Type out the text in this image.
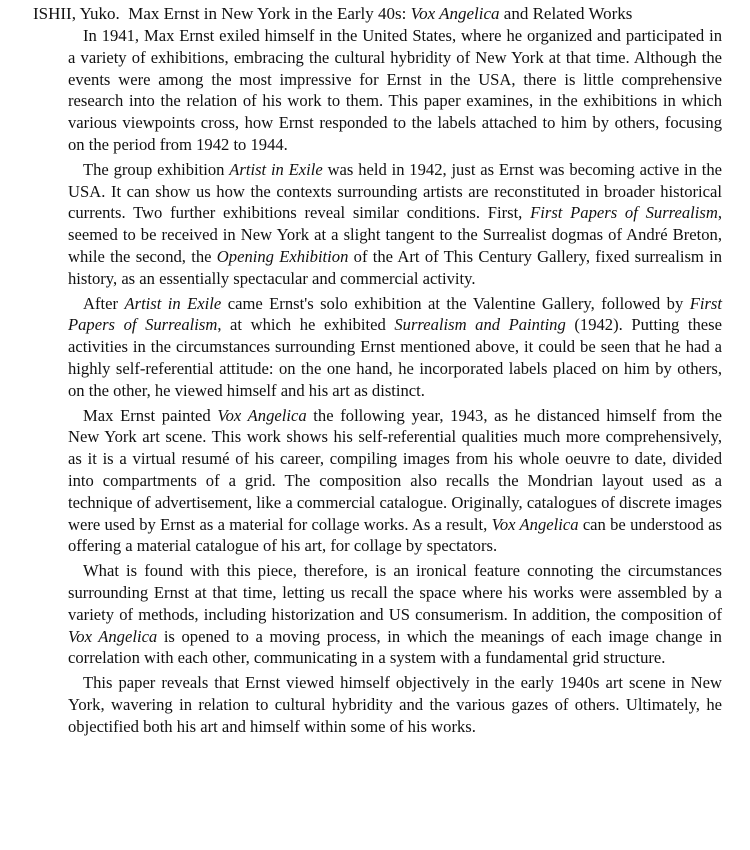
ISHII, Yuko. Max Ernst in New York in the Early 40s: Vox Angelica and Related Works

In 1941, Max Ernst exiled himself in the United States, where he organized and participated in a variety of exhibitions, embracing the cultural hybridity of New York at that time. Although the events were among the most impressive for Ernst in the USA, there is little comprehensive research into the relation of his work to them. This paper examines, in the exhibitions in which various viewpoints cross, how Ernst responded to the labels attached to him by others, focusing on the period from 1942 to 1944.

The group exhibition Artist in Exile was held in 1942, just as Ernst was becoming active in the USA. It can show us how the contexts surrounding artists are reconstituted in broader historical currents. Two further exhibitions reveal similar conditions. First, First Papers of Surrealism, seemed to be received in New York at a slight tangent to the Surrealist dogmas of André Breton, while the second, the Opening Exhibition of the Art of This Century Gallery, fixed surrealism in history, as an essentially spectacular and commercial activity.

After Artist in Exile came Ernst's solo exhibition at the Valentine Gallery, followed by First Papers of Surrealism, at which he exhibited Surrealism and Painting (1942). Putting these activities in the circumstances surrounding Ernst mentioned above, it could be seen that he had a highly self-referential attitude: on the one hand, he incorporated labels placed on him by others, on the other, he viewed himself and his art as distinct.

Max Ernst painted Vox Angelica the following year, 1943, as he distanced himself from the New York art scene. This work shows his self-referential qualities much more comprehensively, as it is a virtual resumé of his career, compiling images from his whole oeuvre to date, divided into compartments of a grid. The composition also recalls the Mondrian layout used as a technique of advertisement, like a commercial catalogue. Originally, catalogues of discrete images were used by Ernst as a material for collage works. As a result, Vox Angelica can be understood as offering a material catalogue of his art, for collage by spectators.

What is found with this piece, therefore, is an ironical feature connoting the circumstances surrounding Ernst at that time, letting us recall the space where his works were assembled by a variety of methods, including historization and US consumerism. In addition, the composition of Vox Angelica is opened to a moving process, in which the meanings of each image change in correlation with each other, communicating in a system with a fundamental grid structure.

This paper reveals that Ernst viewed himself objectively in the early 1940s art scene in New York, wavering in relation to cultural hybridity and the various gazes of others. Ultimately, he objectified both his art and himself within some of his works.
